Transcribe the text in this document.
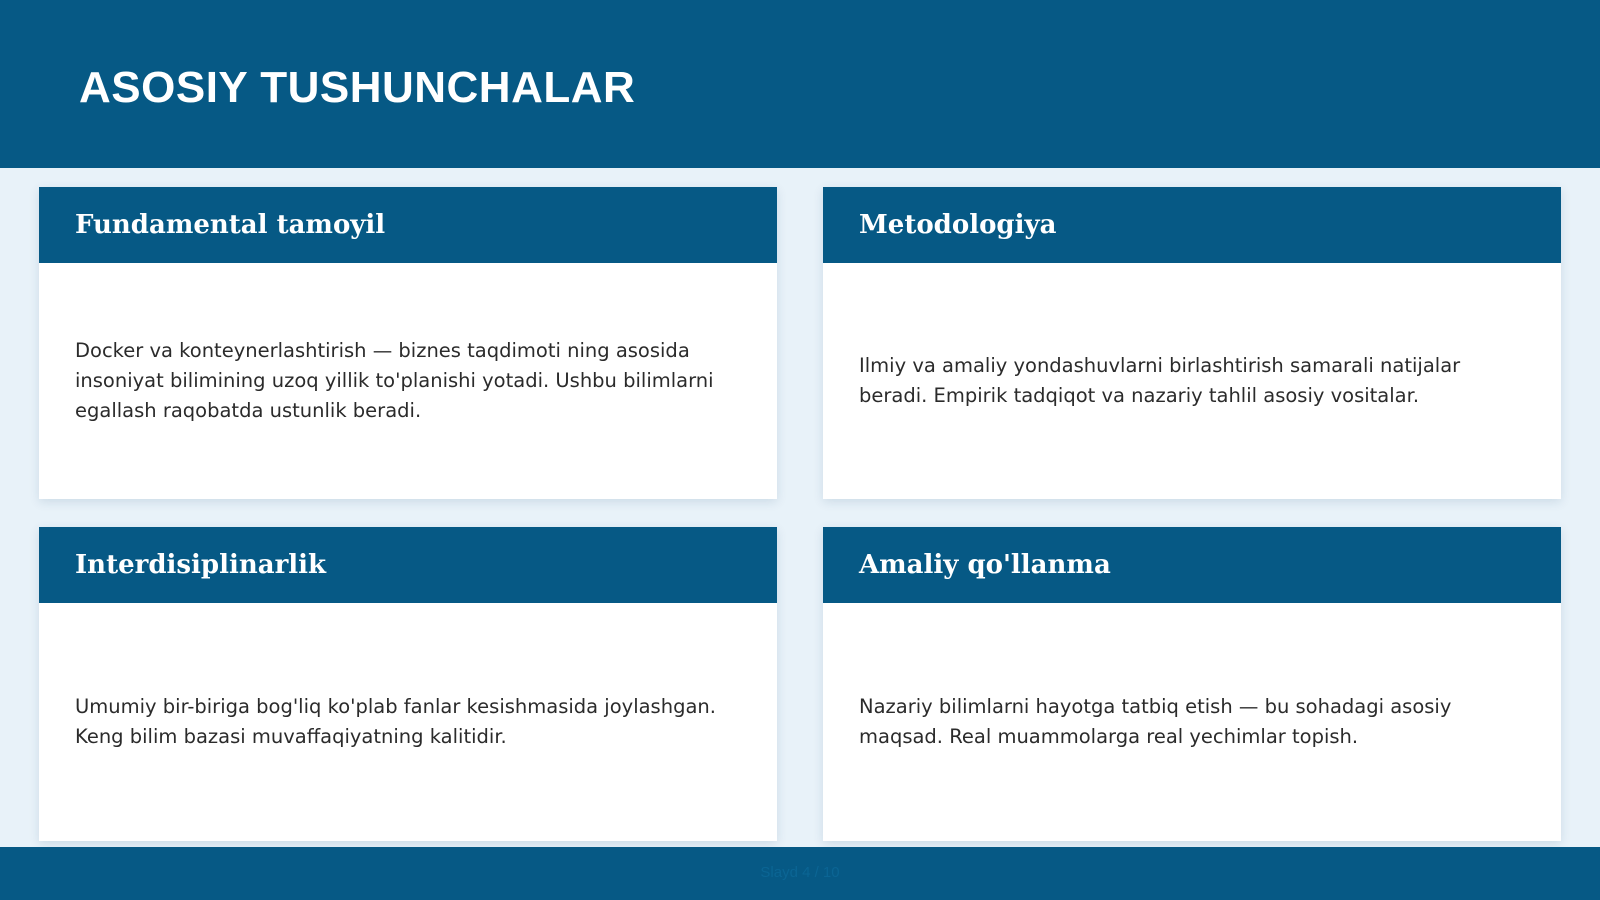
ASOSIY TUSHUNCHALAR
Fundamental tamoyil

Docker va konteynerlashtirish — biznes taqdimoti ning asosida insoniyat bilimining uzoq yillik to'planishi yotadi. Ushbu bilimlarni egallash raqobatda ustunlik beradi.

Metodologiya

Ilmiy va amaliy yondashuvlarni birlashtirish samarali natijalar beradi. Empirik tadqiqot va nazariy tahlil asosiy vositalar.

Interdisiplinarlik

Umumiy bir-biriga bog'liq ko'plab fanlar kesishmasida joylashgan. Keng bilim bazasi muvaffaqiyatning kalitidir.

Amaliy qo'llanma

Nazariy bilimlarni hayotga tatbiq etish — bu sohadagi asosiy maqsad. Real muammolarga real yechimlar topish.

Slayd 4 / 10
